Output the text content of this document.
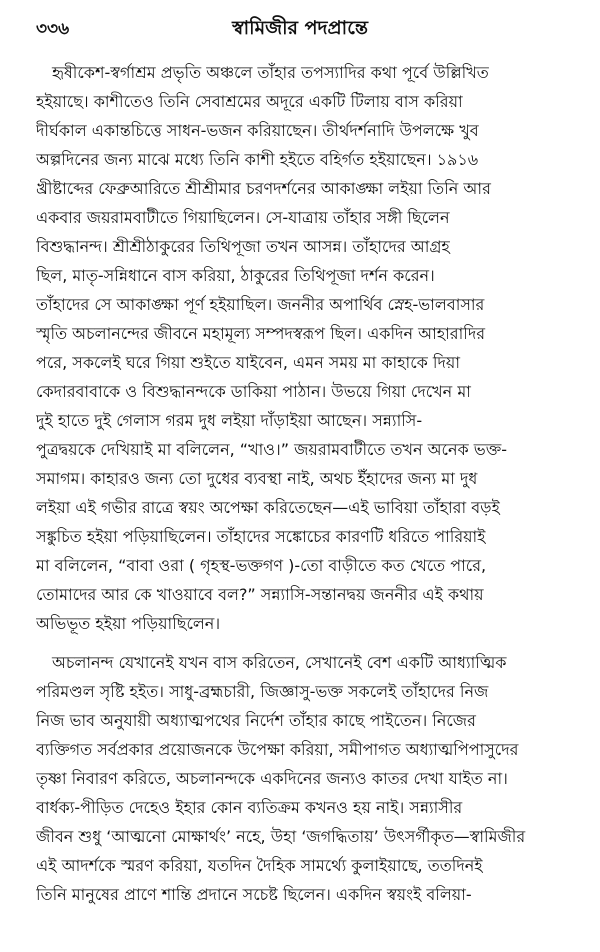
৩৩৬	স্বামিজীর পদপ্রান্তে
হৃষীকেশ-স্বর্গাশ্রম প্রভৃতি অঞ্চলে তাঁহার তপস্যাদির কথা পূর্বে উল্লিখিত
হইয়াছে। কাশীতেও তিনি সেবাশ্রমের অদূরে একটি টিলায় বাস করিয়া
দীর্ঘকাল একান্তচিত্তে সাধন-ভজন করিয়াছেন। তীর্থদর্শনাদি উপলক্ষে খুব
অল্পদিনের জন্য মাঝে মধ্যে তিনি কাশী হইতে বহির্গত হইয়াছেন। ১৯১৬
খ্রীষ্টাব্দের ফেব্রুআরিতে শ্রীশ্রীমার চরণদর্শনের আকাঙ্ক্ষা লইয়া তিনি আর
একবার জয়রামবাটীতে গিয়াছিলেন। সে-যাত্রায় তাঁহার সঙ্গী ছিলেন
বিশুদ্ধানন্দ। শ্রীশ্রীঠাকুরের তিথিপূজা তখন আসন্ন। তাঁহাদের আগ্রহ
ছিল, মাতৃ-সন্নিধানে বাস করিয়া, ঠাকুরের তিথিপূজা দর্শন করেন।
তাঁহাদের সে আকাঙ্ক্ষা পূর্ণ হইয়াছিল। জননীর অপার্থিব স্নেহ-ভালবাসার
স্মৃতি অচলানন্দের জীবনে মহামূল্য সম্পদস্বরূপ ছিল। একদিন আহারাদির
পরে, সকলেই ঘরে গিয়া শুইতে যাইবেন, এমন সময় মা কাহাকে দিয়া
কেদারবাবাকে ও বিশুদ্ধানন্দকে ডাকিয়া পাঠান। উভয়ে গিয়া দেখেন মা
দুই হাতে দুই গেলাস গরম দুধ লইয়া দাঁড়াইয়া আছেন। সন্ন্যাসি-
পুত্রদ্বয়কে দেখিয়াই মা বলিলেন, “খাও।” জয়রামবাটীতে তখন অনেক ভক্ত-
সমাগম। কাহারও জন্য তো দুধের ব্যবস্থা নাই, অথচ ইঁহাদের জন্য মা দুধ
লইয়া এই গভীর রাত্রে স্বয়ং অপেক্ষা করিতেছেন—এই ভাবিয়া তাঁহারা বড়ই
সঙ্কুচিত হইয়া পড়িয়াছিলেন। তাঁহাদের সঙ্কোচের কারণটি ধরিতে পারিয়াই
মা বলিলেন, “বাবা ওরা ( গৃহস্থ-ভক্তগণ )-তো বাড়ীতে কত খেতে পারে,
তোমাদের আর কে খাওয়াবে বল?” সন্ন্যাসি-সন্তানদ্বয় জননীর এই কথায়
অভিভূত হইয়া পড়িয়াছিলেন।
অচলানন্দ যেখানেই যখন বাস করিতেন, সেখানেই বেশ একটি আধ্যাত্মিক
পরিমণ্ডল সৃষ্টি হইত। সাধু-ব্রহ্মচারী, জিজ্ঞাসু-ভক্ত সকলেই তাঁহাদের নিজ
নিজ ভাব অনুযায়ী অধ্যাত্মপথের নির্দেশ তাঁহার কাছে পাইতেন। নিজের
ব্যক্তিগত সর্বপ্রকার প্রয়োজনকে উপেক্ষা করিয়া, সমীপাগত অধ্যাত্মপিপাসুদের
তৃষ্ণা নিবারণ করিতে, অচলানন্দকে একদিনের জন্যও কাতর দেখা যাইত না।
বার্ধক্য-পীড়িত দেহেও ইহার কোন ব্যতিক্রম কখনও হয় নাই। সন্ন্যাসীর
জীবন শুধু ‘আত্মনো মোক্ষার্থং’ নহে, উহা ‘জগদ্ধিতায়’ উৎসর্গীকৃত—স্বামিজীর
এই আদর্শকে স্মরণ করিয়া, যতদিন দৈহিক সামর্থ্যে কুলাইয়াছে, ততদিনই
তিনি মানুষের প্রাণে শান্তি প্রদানে সচেষ্ট ছিলেন। একদিন স্বয়ংই বলিয়া-
